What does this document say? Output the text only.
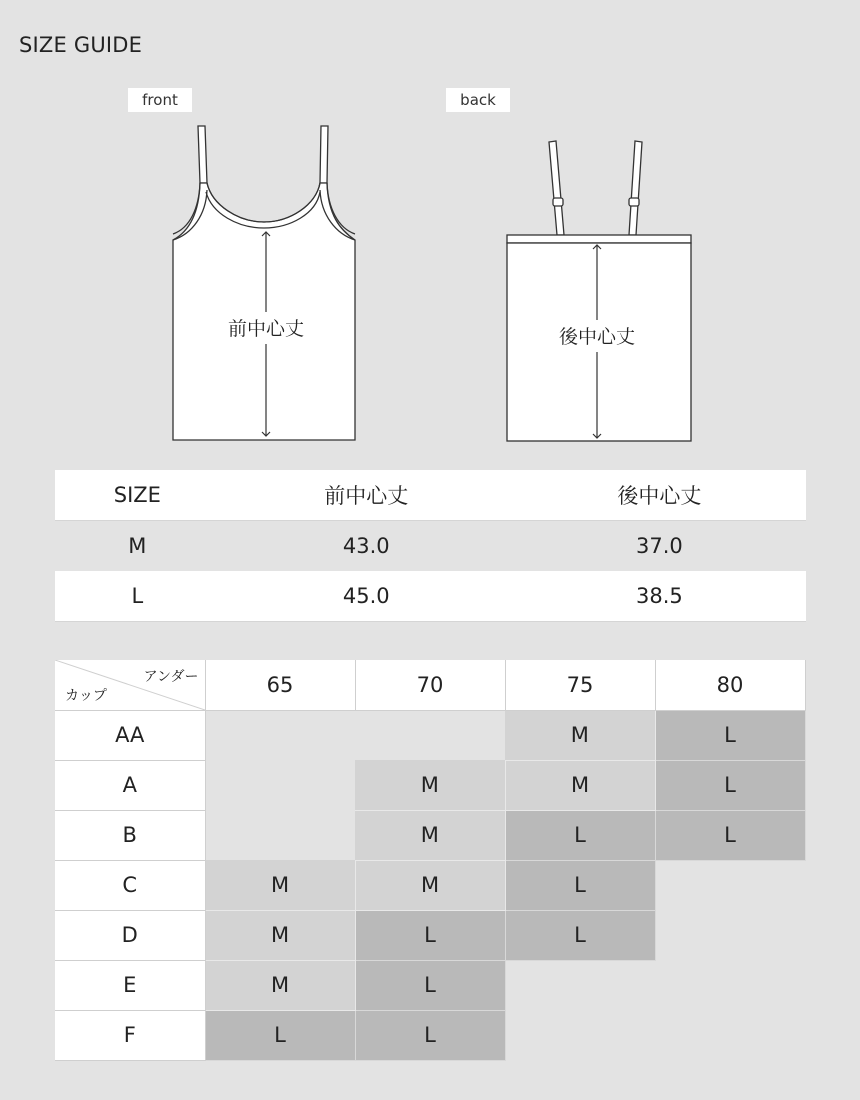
SIZE GUIDE
front	back
前中心丈	後中心丈
SIZE	前中心丈	後中心丈
M	43.0	37.0
L	45.0	38.5
アンダー
カップ	65	70	75	80
AA			M	L
A		M	M	L
B		M	L	L
C	M	M	L	
D	M	L	L	
E	M	L		
F	L	L		
